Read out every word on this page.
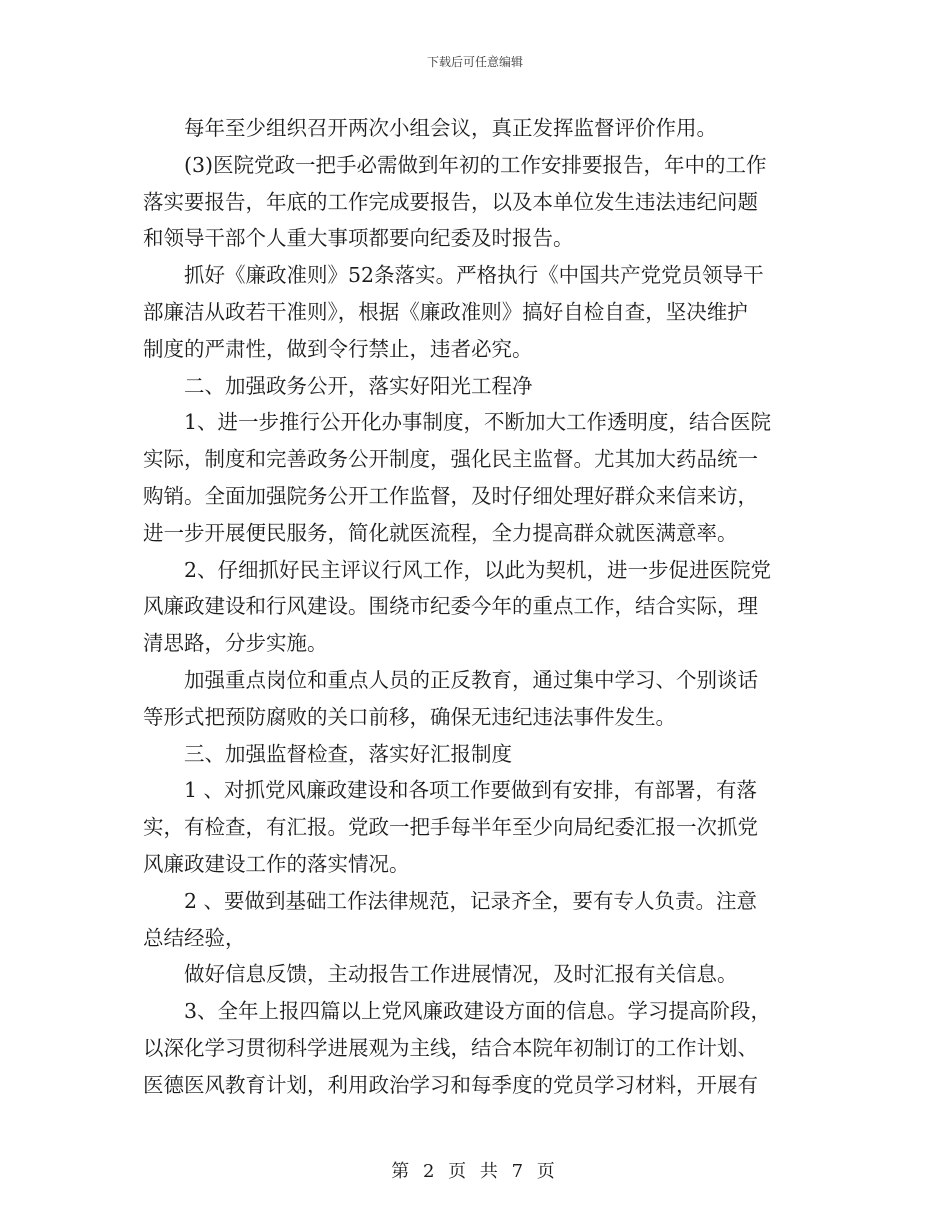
下载后可任意编辑

　　每年至少组织召开两次小组会议，真正发挥监督评价作用。

　　(3)医院党政一把手必需做到年初的工作安排要报告，年中的工作

落实要报告，年底的工作完成要报告，以及本单位发生违法违纪问题

和领导干部个人重大事项都要向纪委及时报告。

　　抓好《廉政准则》52条落实。严格执行《中国共产党党员领导干

部廉洁从政若干准则》，根据《廉政准则》搞好自检自查，坚决维护

制度的严肃性，做到令行禁止，违者必究。

　　二、加强政务公开，落实好阳光工程净

　　1、进一步推行公开化办事制度，不断加大工作透明度，结合医院

实际，制度和完善政务公开制度，强化民主监督。尤其加大药品统一

购销。全面加强院务公开工作监督，及时仔细处理好群众来信来访，

进一步开展便民服务，简化就医流程，全力提高群众就医满意率。

　　2、仔细抓好民主评议行风工作，以此为契机，进一步促进医院党

风廉政建设和行风建设。围绕市纪委今年的重点工作，结合实际，理

清思路，分步实施。

　　加强重点岗位和重点人员的正反教育，通过集中学习、个别谈话

等形式把预防腐败的关口前移，确保无违纪违法事件发生。

　　三、加强监督检查，落实好汇报制度

　　1 、对抓党风廉政建设和各项工作要做到有安排，有部署，有落

实，有检查，有汇报。党政一把手每半年至少向局纪委汇报一次抓党

风廉政建设工作的落实情况。

　　2 、要做到基础工作法律规范，记录齐全，要有专人负责。注意

总结经验，

　　做好信息反馈，主动报告工作进展情况，及时汇报有关信息。

　　3、全年上报四篇以上党风廉政建设方面的信息。学习提高阶段，

以深化学习贯彻科学进展观为主线，结合本院年初制订的工作计划、

医德医风教育计划，利用政治学习和每季度的党员学习材料，开展有

第 2 页 共 7 页
